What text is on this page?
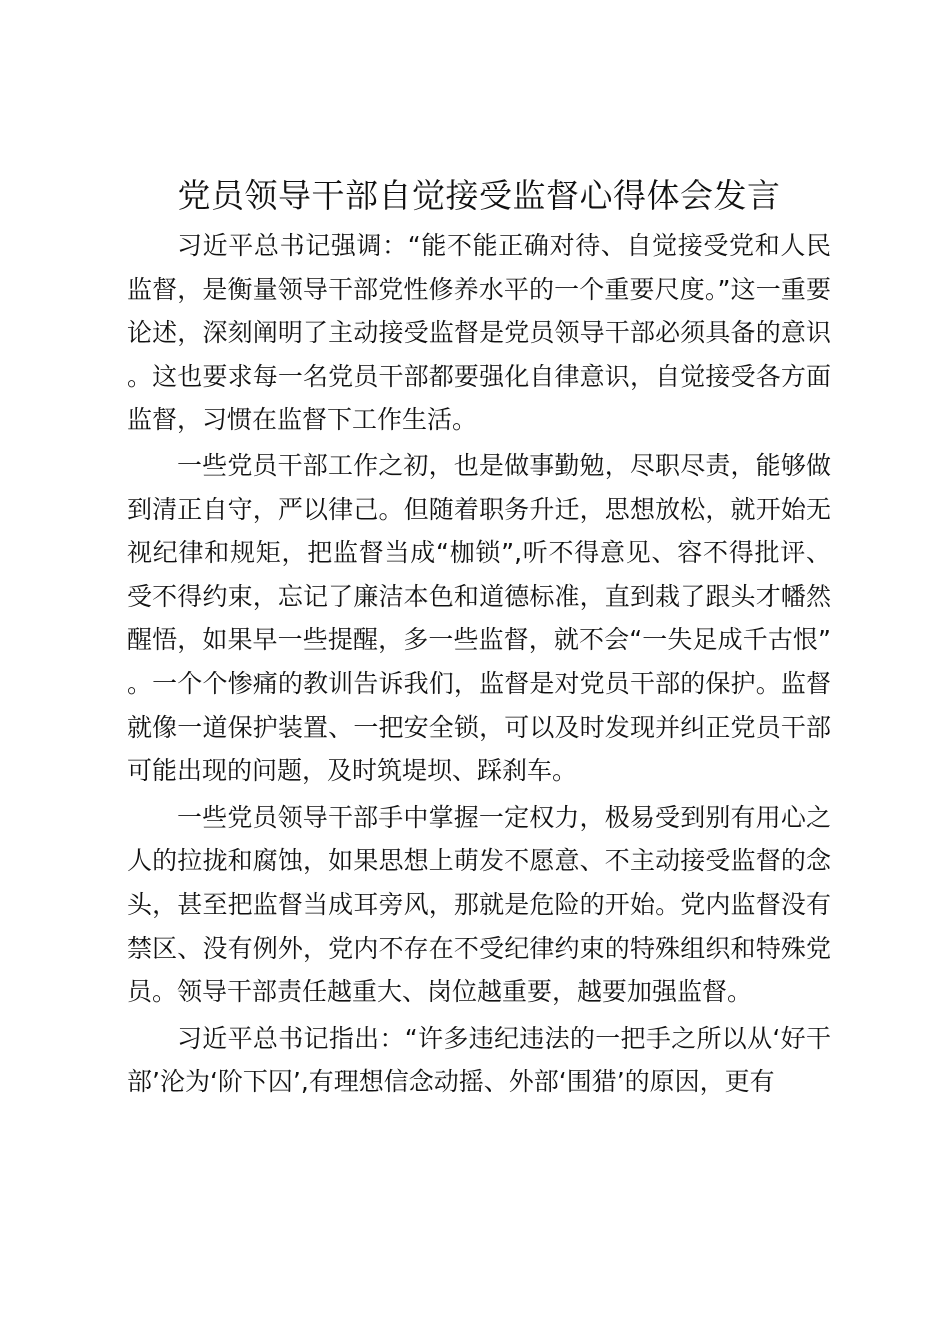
党员领导干部自觉接受监督心得体会发言

习近平总书记强调：“能不能正确对待、自觉接受党和人民监督，是衡量领导干部党性修养水平的一个重要尺度。”这一重要论述，深刻阐明了主动接受监督是党员领导干部必须具备的意识。这也要求每一名党员干部都要强化自律意识，自觉接受各方面监督，习惯在监督下工作生活。

一些党员干部工作之初，也是做事勤勉，尽职尽责，能够做到清正自守，严以律己。但随着职务升迁，思想放松，就开始无视纪律和规矩，把监督当成“枷锁”,听不得意见、容不得批评、受不得约束，忘记了廉洁本色和道德标准，直到栽了跟头才幡然醒悟，如果早一些提醒，多一些监督，就不会“一失足成千古恨”。一个个惨痛的教训告诉我们，监督是对党员干部的保护。监督就像一道保护装置、一把安全锁，可以及时发现并纠正党员干部可能出现的问题，及时筑堤坝、踩刹车。

一些党员领导干部手中掌握一定权力，极易受到别有用心之人的拉拢和腐蚀，如果思想上萌发不愿意、不主动接受监督的念头，甚至把监督当成耳旁风，那就是危险的开始。党内监督没有禁区、没有例外，党内不存在不受纪律约束的特殊组织和特殊党员。领导干部责任越重大、岗位越重要，越要加强监督。

习近平总书记指出：“许多违纪违法的一把手之所以从‘好干部’沦为‘阶下囚’,有理想信念动摇、外部‘围猎’的原因，更有
